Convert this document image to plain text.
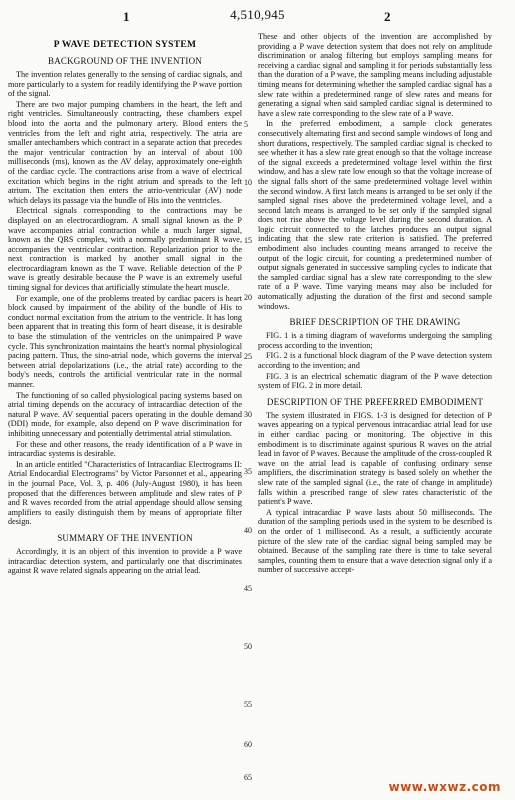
1	4,510,945	2
P WAVE DETECTION SYSTEM
BACKGROUND OF THE INVENTION

The invention relates generally to the sensing of cardiac signals, and more particularly to a system for readily identifying the P wave portion of the signal.

There are two major pumping chambers in the heart, the left and right ventricles. Simultaneously contracting, these chambers expel blood into the aorta and the pulmonary artery. Blood enters the ventricles from the left and right atria, respectively. The atria are smaller antechambers which contract in a separate action that precedes the major ventricular contraction by an interval of about 100 milliseconds (ms), known as the AV delay, approximately one-eighth of the cardiac cycle. The contractions arise from a wave of electrical excitation which begins in the right atrium and spreads to the left atrium. The excitation then enters the atrio-ventricular (AV) node which delays its passage via the bundle of His into the ventricles.

Electrical signals corresponding to the contractions may be displayed on an electrocardiogram. A small signal known as the P wave accompanies atrial contraction while a much larger signal, known as the QRS complex, with a normally predominant R wave, accompanies the ventricular contraction. Repolarization prior to the next contraction is marked by another small signal in the electrocardiagram known as the T wave. Reliable detection of the P wave is greatly desirable because the P wave is an extremely useful timing signal for devices that artificially stimulate the heart muscle.

For example, one of the problems treated by cardiac pacers is heart block caused by impairment of the ability of the bundle of His to conduct normal excitation from the atrium to the ventricle. It has long been apparent that in treating this form of heart disease, it is desirable to base the stimulation of the ventricles on the unimpaired P wave cycle. This synchronization maintains the heart's normal physiological pacing pattern. Thus, the sino-atrial node, which governs the interval between atrial depolarizations (i.e., the atrial rate) according to the body's needs, controls the artificial ventricular rate in the normal manner.

The functioning of so called physiological pacing systems based on atrial timing depends on the accuracy of intracardiac detection of the natural P wave. AV sequential pacers operating in the double demand (DDI) mode, for example, also depend on P wave discrimination for inhibiting unnecessary and potentially detrimental atrial stimulation.

For these and other reasons, the ready identification of a P wave in intracardiac systems is desirable.

In an article entitled "Characteristics of Intracardiac Electrograms II: Atrial Endocardial Electrograms" by Victor Parsonnet et al., appearing in the journal Pace, Vol. 3, p. 406 (July-August 1980), it has been proposed that the differences between amplitude and slew rates of P and R waves recorded from the atrial appendage should allow sensing amplifiers to easily distinguish them by means of appropriate filter design.

SUMMARY OF THE INVENTION

Accordingly, it is an object of this invention to provide a P wave intracardiac detection system, and particularly one that discriminates against R wave related signals appearing on the atrial lead.

5
10
15
20
25
30
35
40
45
50
55
60
65

These and other objects of the invention are accomplished by providing a P wave detection system that does not rely on amplitude discrimination or analog filtering but employs sampling means for receiving a cardiac signal and sampling it for periods substantially less than the duration of a P wave, the sampling means including adjustable timing means for determining whether the sampled cardiac signal has a slew rate within a predetermined range of slew rates and means for generating a signal when said sampled cardiac signal is determined to have a slew rate corresponding to the slew rate of a P wave.

In the preferred embodiment, a sample clock generates consecutively alternating first and second sample windows of long and short durations, respectively. The sampled cardiac signal is checked to see whether it has a slew rate great enough so that the voltage increase of the signal exceeds a predetermined voltage level within the first window, and has a slew rate low enough so that the voltage increase of the signal falls short of the same predetermined voltage level within the second window. A first latch means is arranged to be set only if the sampled signal rises above the predetermined voltage level, and a second latch means is arranged to be set only if the sampled signal does not rise above the voltage level during the second duration. A logic circuit connected to the latches produces an output signal indicating that the slew rate criterion is satisfied. The preferred embodiment also includes counting means arranged to receive the output of the logic circuit, for counting a predetermined number of output signals generated in successive sampling cycles to indicate that the sampled cardiac signal has a slew rate corresponding to the slew rate of a P wave. Time varying means may also be included for automatically adjusting the duration of the first and second sample windows.

BRIEF DESCRIPTION OF THE DRAWING

FIG. 1 is a timing diagram of waveforms undergoing the sampling process according to the invention;

FIG. 2 is a functional block diagram of the P wave detection system according to the invention; and

FIG. 3 is an electrical schematic diagram of the P wave detection system of FIG. 2 in more detail.

DESCRIPTION OF THE PREFERRED EMBODIMENT

The system illustrated in FIGS. 1-3 is designed for detection of P waves appearing on a typical pervenous intracardiac atrial lead for use in either cardiac pacing or monitoring. The objective in this embodiment is to discriminate against spurious R waves on the atrial lead in favor of P waves. Because the amplitude of the cross-coupled R wave on the atrial lead is capable of confusing ordinary sense amplifiers, the discrimination strategy is based solely on whether the slew rate of the sampled signal (i.e., the rate of change in amplitude) falls within a prescribed range of slew rates characteristic of the patient's P wave.

A typical intracardiac P wave lasts about 50 milliseconds. The duration of the sampling periods used in the system to be described is on the order of 1 millisecond. As a result, a sufficiently accurate picture of the slew rate of the cardiac signal being sampled may be obtained. Because of the sampling rate there is time to take several samples, counting them to ensure that a wave detection signal only if a number of successive accept-

www.wxwz.com
